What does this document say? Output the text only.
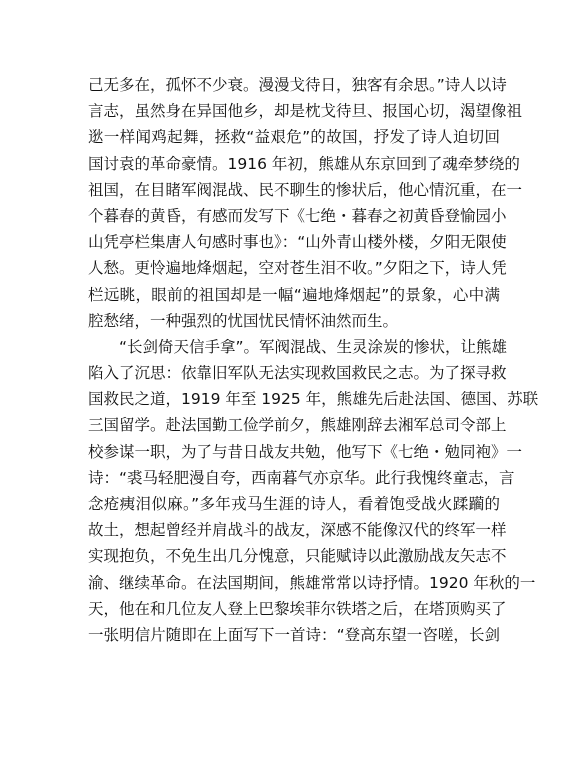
己无多在，孤怀不少衰。漫漫戈待日，独客有余思。”诗人以诗
言志，虽然身在异国他乡，却是枕戈待旦、报国心切，渴望像祖
逖一样闻鸡起舞，拯救“益艰危”的故国，抒发了诗人迫切回
国讨袁的革命豪情。1916 年初，熊雄从东京回到了魂牵梦绕的
祖国，在目睹军阀混战、民不聊生的惨状后，他心情沉重，在一
个暮春的黄昏，有感而发写下《七绝・暮春之初黄昏登愉园小
山凭亭栏集唐人句感时事也》：“山外青山楼外楼，夕阳无限使
人愁。更怜遍地烽烟起，空对苍生泪不收。”夕阳之下，诗人凭
栏远眺，眼前的祖国却是一幅“遍地烽烟起”的景象，心中满
腔愁绪，一种强烈的忧国忧民情怀油然而生。
“长剑倚天信手拿”。军阀混战、生灵涂炭的惨状，让熊雄
陷入了沉思：依靠旧军队无法实现救国救民之志。为了探寻救
国救民之道，1919 年至 1925 年，熊雄先后赴法国、德国、苏联
三国留学。赴法国勤工俭学前夕，熊雄刚辞去湘军总司令部上
校参谋一职，为了与昔日战友共勉，他写下《七绝・勉同袍》一
诗：“裘马轻肥漫自夸，西南暮气亦京华。此行我愧终童志，言
念疮痍泪似麻。”多年戎马生涯的诗人，看着饱受战火蹂躏的
故土，想起曾经并肩战斗的战友，深感不能像汉代的终军一样
实现抱负，不免生出几分愧意，只能赋诗以此激励战友矢志不
渝、继续革命。在法国期间，熊雄常常以诗抒情。1920 年秋的一
天，他在和几位友人登上巴黎埃菲尔铁塔之后，在塔顶购买了
一张明信片随即在上面写下一首诗：“登高东望一咨嗟，长剑
